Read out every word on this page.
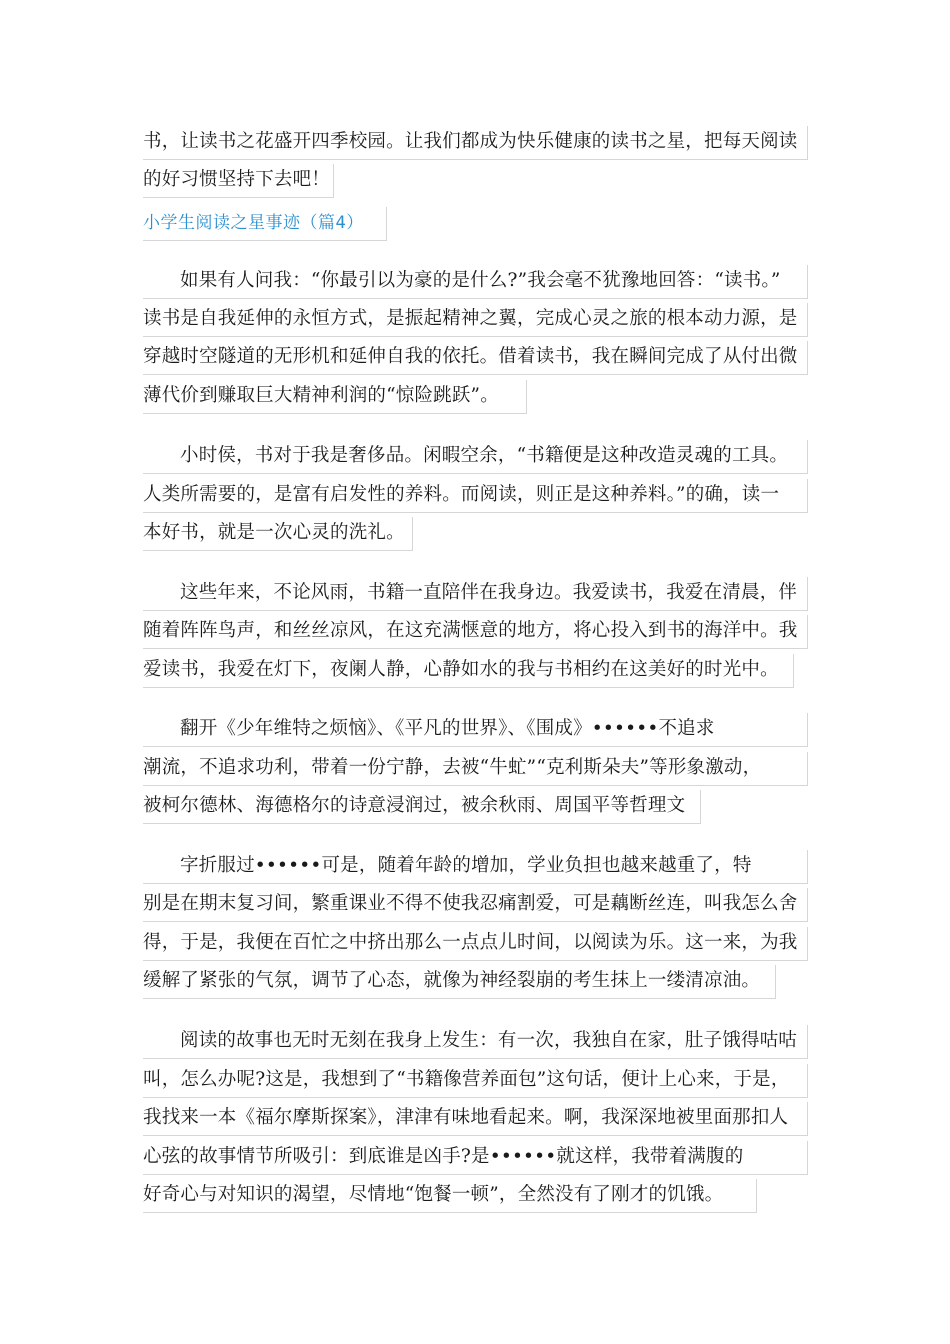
书，让读书之花盛开四季校园。让我们都成为快乐健康的读书之星，把每天阅读
的好习惯坚持下去吧！
小学生阅读之星事迹（篇4）
如果有人问我：“你最引以为豪的是什么?”我会毫不犹豫地回答：“读书。”
读书是自我延伸的永恒方式，是振起精神之翼，完成心灵之旅的根本动力源，是
穿越时空隧道的无形机和延伸自我的依托。借着读书，我在瞬间完成了从付出微
薄代价到赚取巨大精神利润的“惊险跳跃”。
小时侯，书对于我是奢侈品。闲暇空余，“书籍便是这种改造灵魂的工具。
人类所需要的，是富有启发性的养料。而阅读，则正是这种养料。”的确，读一
本好书，就是一次心灵的洗礼。
这些年来，不论风雨，书籍一直陪伴在我身边。我爱读书，我爱在清晨，伴
随着阵阵鸟声，和丝丝凉风，在这充满惬意的地方，将心投入到书的海洋中。我
爱读书，我爱在灯下，夜阑人静，心静如水的我与书相约在这美好的时光中。
翻开《少年维特之烦恼》、《平凡的世界》、《围成》••••••不追求
潮流，不追求功利，带着一份宁静，去被“牛虻”“克利斯朵夫”等形象激动，
被柯尔德林、海德格尔的诗意浸润过，被余秋雨、周国平等哲理文
字折服过••••••可是，随着年龄的增加，学业负担也越来越重了，特
别是在期末复习间，繁重课业不得不使我忍痛割爱，可是藕断丝连，叫我怎么舍
得，于是，我便在百忙之中挤出那么一点点儿时间，以阅读为乐。这一来，为我
缓解了紧张的气氛，调节了心态，就像为神经裂崩的考生抹上一缕清凉油。
阅读的故事也无时无刻在我身上发生：有一次，我独自在家，肚子饿得咕咕
叫，怎么办呢?这是，我想到了“书籍像营养面包”这句话，便计上心来，于是，
我找来一本《福尔摩斯探案》，津津有味地看起来。啊，我深深地被里面那扣人
心弦的故事情节所吸引：到底谁是凶手?是••••••就这样，我带着满腹的
好奇心与对知识的渴望，尽情地“饱餐一顿”，全然没有了刚才的饥饿。
